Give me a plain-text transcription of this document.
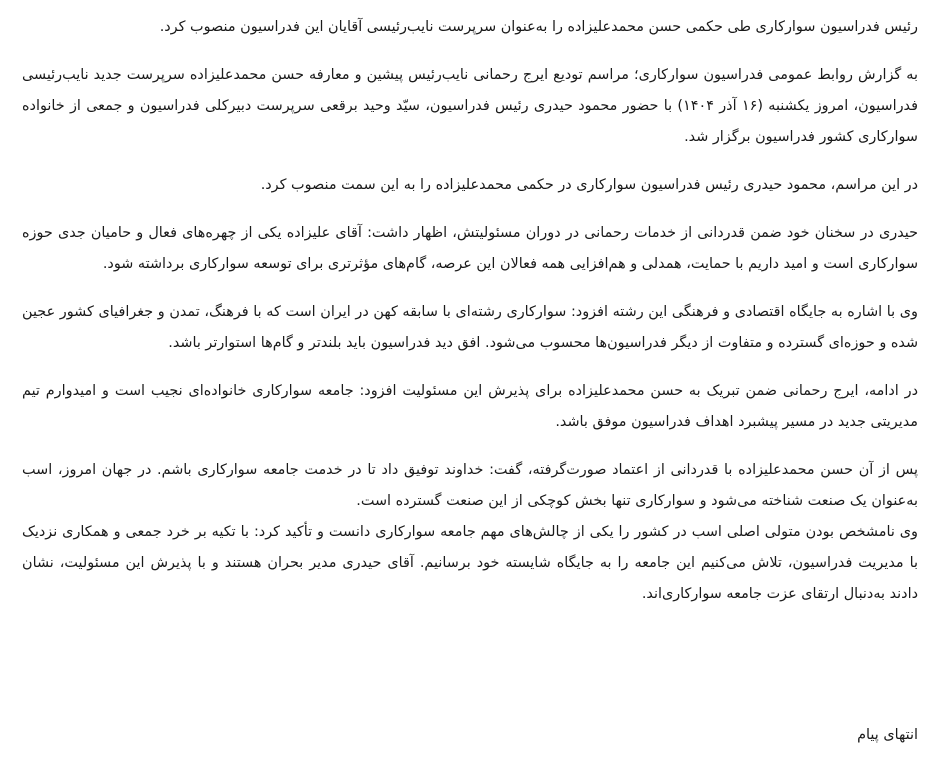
رئیس فدراسیون سوارکاری طی حکمی حسن محمدعلیزاده را به‌عنوان سرپرست نایب‌رئیسی آقایان این فدراسیون منصوب کرد.

به گزارش روابط عمومی فدراسیون سوارکاری؛ مراسم تودیع ایرج رحمانی نایب‌رئیس پیشین و معارفه حسن محمدعلیزاده سرپرست جدید نایب‌رئیسی فدراسیون، امروز یکشنبه (۱۶ آذر ۱۴۰۴) با حضور محمود حیدری رئیس فدراسیون، سیّد وحید برقعی سرپرست دبیرکلی فدراسیون و جمعی از خانواده سوارکاری کشور فدراسیون برگزار شد.

در این مراسم، محمود حیدری رئیس فدراسیون سوارکاری در حکمی محمدعلیزاده را به این سمت منصوب کرد.

حیدری در سخنان خود ضمن قدردانی از خدمات رحمانی در دوران مسئولیتش، اظهار داشت: آقای علیزاده یکی از چهره‌های فعال و حامیان جدی حوزه سوارکاری است و امید داریم با حمایت، همدلی و هم‌افزایی همه فعالان این عرصه، گام‌های مؤثرتری برای توسعه سوارکاری برداشته شود.

وی با اشاره به جایگاه اقتصادی و فرهنگی این رشته افزود: سوارکاری رشته‌ای با سابقه کهن در ایران است که با فرهنگ، تمدن و جغرافیای کشور عجین شده و حوزه‌ای گسترده و متفاوت از دیگر فدراسیون‌ها محسوب می‌شود. افق دید فدراسیون باید بلندتر و گام‌ها استوارتر باشد.

در ادامه، ایرج رحمانی ضمن تبریک به حسن محمدعلیزاده برای پذیرش این مسئولیت افزود: جامعه سوارکاری خانواده‌ای نجیب است و امیدوارم تیم مدیریتی جدید در مسیر پیشبرد اهداف فدراسیون موفق باشد.

پس از آن حسن محمدعلیزاده با قدردانی از اعتماد صورت‌گرفته، گفت: خداوند توفیق داد تا در خدمت جامعه سوارکاری باشم. در جهان امروز، اسب به‌عنوان یک صنعت شناخته می‌شود و سوارکاری تنها بخش کوچکی از این صنعت گسترده است.

وی نامشخص بودن متولی اصلی اسب در کشور را یکی از چالش‌های مهم جامعه سوارکاری دانست و تأکید کرد: با تکیه بر خرد جمعی و همکاری نزدیک با مدیریت فدراسیون، تلاش می‌کنیم این جامعه را به جایگاه شایسته خود برسانیم. آقای حیدری مدیر بحران هستند و با پذیرش این مسئولیت، نشان دادند به‌دنبال ارتقای عزت جامعه سوارکاری‌اند.

انتهای پیام
